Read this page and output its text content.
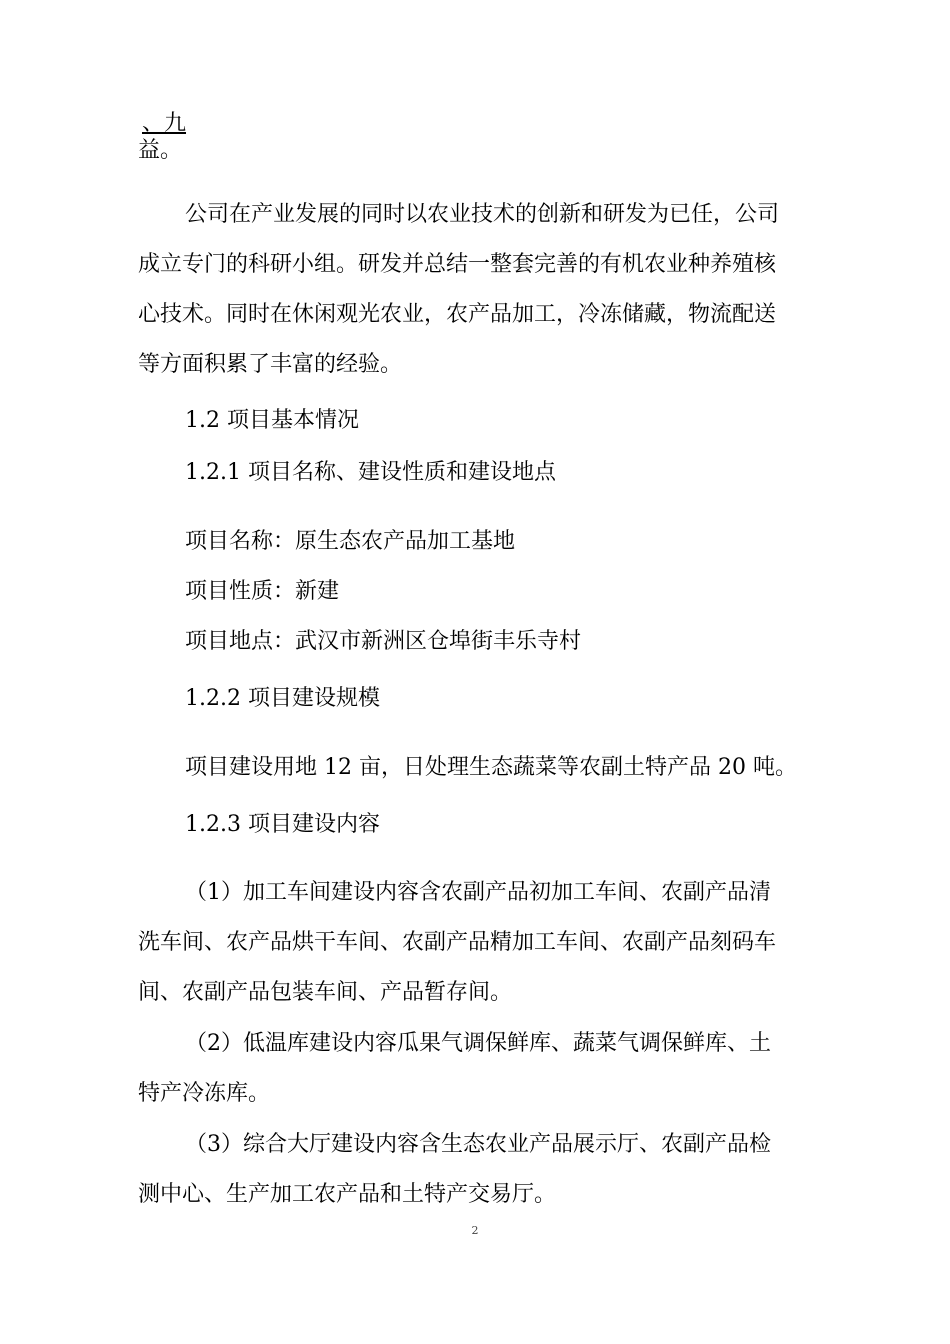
、九
益。
公司在产业发展的同时以农业技术的创新和研发为已任，公司
成立专门的科研小组。研发并总结一整套完善的有机农业种养殖核
心技术。同时在休闲观光农业，农产品加工，冷冻储藏，物流配送
等方面积累了丰富的经验。
1.2 项目基本情况
1.2.1 项目名称、建设性质和建设地点
项目名称：原生态农产品加工基地
项目性质：新建
项目地点：武汉市新洲区仓埠街丰乐寺村
1.2.2 项目建设规模
项目建设用地 12 亩，日处理生态蔬菜等农副土特产品 20 吨。
1.2.3 项目建设内容
（1）加工车间建设内容含农副产品初加工车间、农副产品清
洗车间、农产品烘干车间、农副产品精加工车间、农副产品刻码车
间、农副产品包装车间、产品暂存间。
（2）低温库建设内容瓜果气调保鲜库、蔬菜气调保鲜库、土
特产冷冻库。
（3）综合大厅建设内容含生态农业产品展示厅、农副产品检
测中心、生产加工农产品和土特产交易厅。
2
